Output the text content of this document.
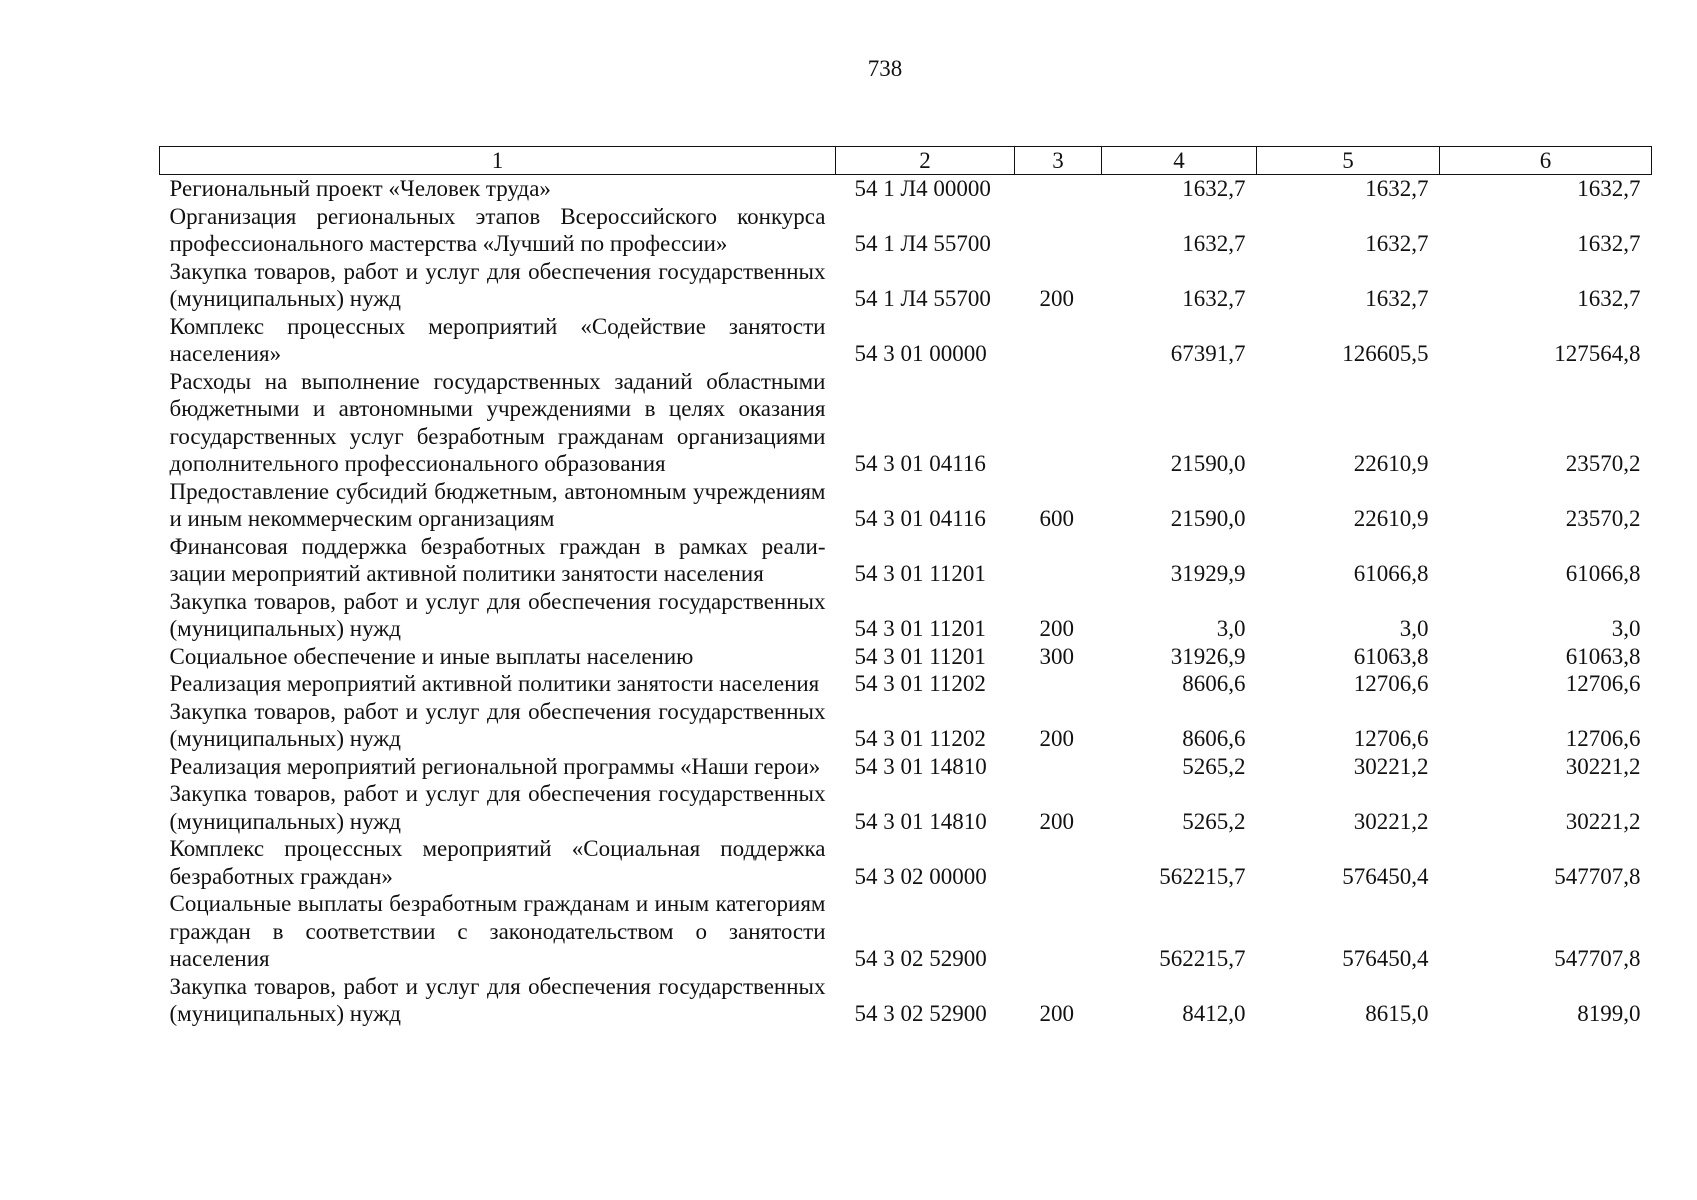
738
1	2	3	4	5	6
Региональный проект «Человек труда»	54 1 Л4 00000		1632,7	1632,7	1632,7
Организация региональных этапов Всероссийского конкурса профессионального мастерства «Лучший по профессии»	54 1 Л4 55700		1632,7	1632,7	1632,7
Закупка товаров, работ и услуг для обеспечения государственных (муниципальных) нужд	54 1 Л4 55700	200	1632,7	1632,7	1632,7
Комплекс процессных мероприятий «Содействие занятости населения»	54 3 01 00000		67391,7	126605,5	127564,8
Расходы на выполнение государственных заданий областными бюджетными и автономными учреждениями в целях оказания государственных услуг безработным гражданам организациями дополнительного профессионального образования	54 3 01 04116		21590,0	22610,9	23570,2
Предоставление субсидий бюджетным, автономным учреждениям и иным некоммерческим организациям	54 3 01 04116	600	21590,0	22610,9	23570,2
Финансовая поддержка безработных граждан в рамках реализации мероприятий активной политики занятости населения	54 3 01 11201		31929,9	61066,8	61066,8
Закупка товаров, работ и услуг для обеспечения государственных (муниципальных) нужд	54 3 01 11201	200	3,0	3,0	3,0
Социальное обеспечение и иные выплаты населению	54 3 01 11201	300	31926,9	61063,8	61063,8
Реализация мероприятий активной политики занятости населения	54 3 01 11202		8606,6	12706,6	12706,6
Закупка товаров, работ и услуг для обеспечения государственных (муниципальных) нужд	54 3 01 11202	200	8606,6	12706,6	12706,6
Реализация мероприятий региональной программы «Наши герои»	54 3 01 14810		5265,2	30221,2	30221,2
Закупка товаров, работ и услуг для обеспечения государственных (муниципальных) нужд	54 3 01 14810	200	5265,2	30221,2	30221,2
Комплекс процессных мероприятий «Социальная поддержка безработных граждан»	54 3 02 00000		562215,7	576450,4	547707,8
Социальные выплаты безработным гражданам и иным категориям граждан в соответствии с законодательством о занятости населения	54 3 02 52900		562215,7	576450,4	547707,8
Закупка товаров, работ и услуг для обеспечения государственных (муниципальных) нужд	54 3 02 52900	200	8412,0	8615,0	8199,0
